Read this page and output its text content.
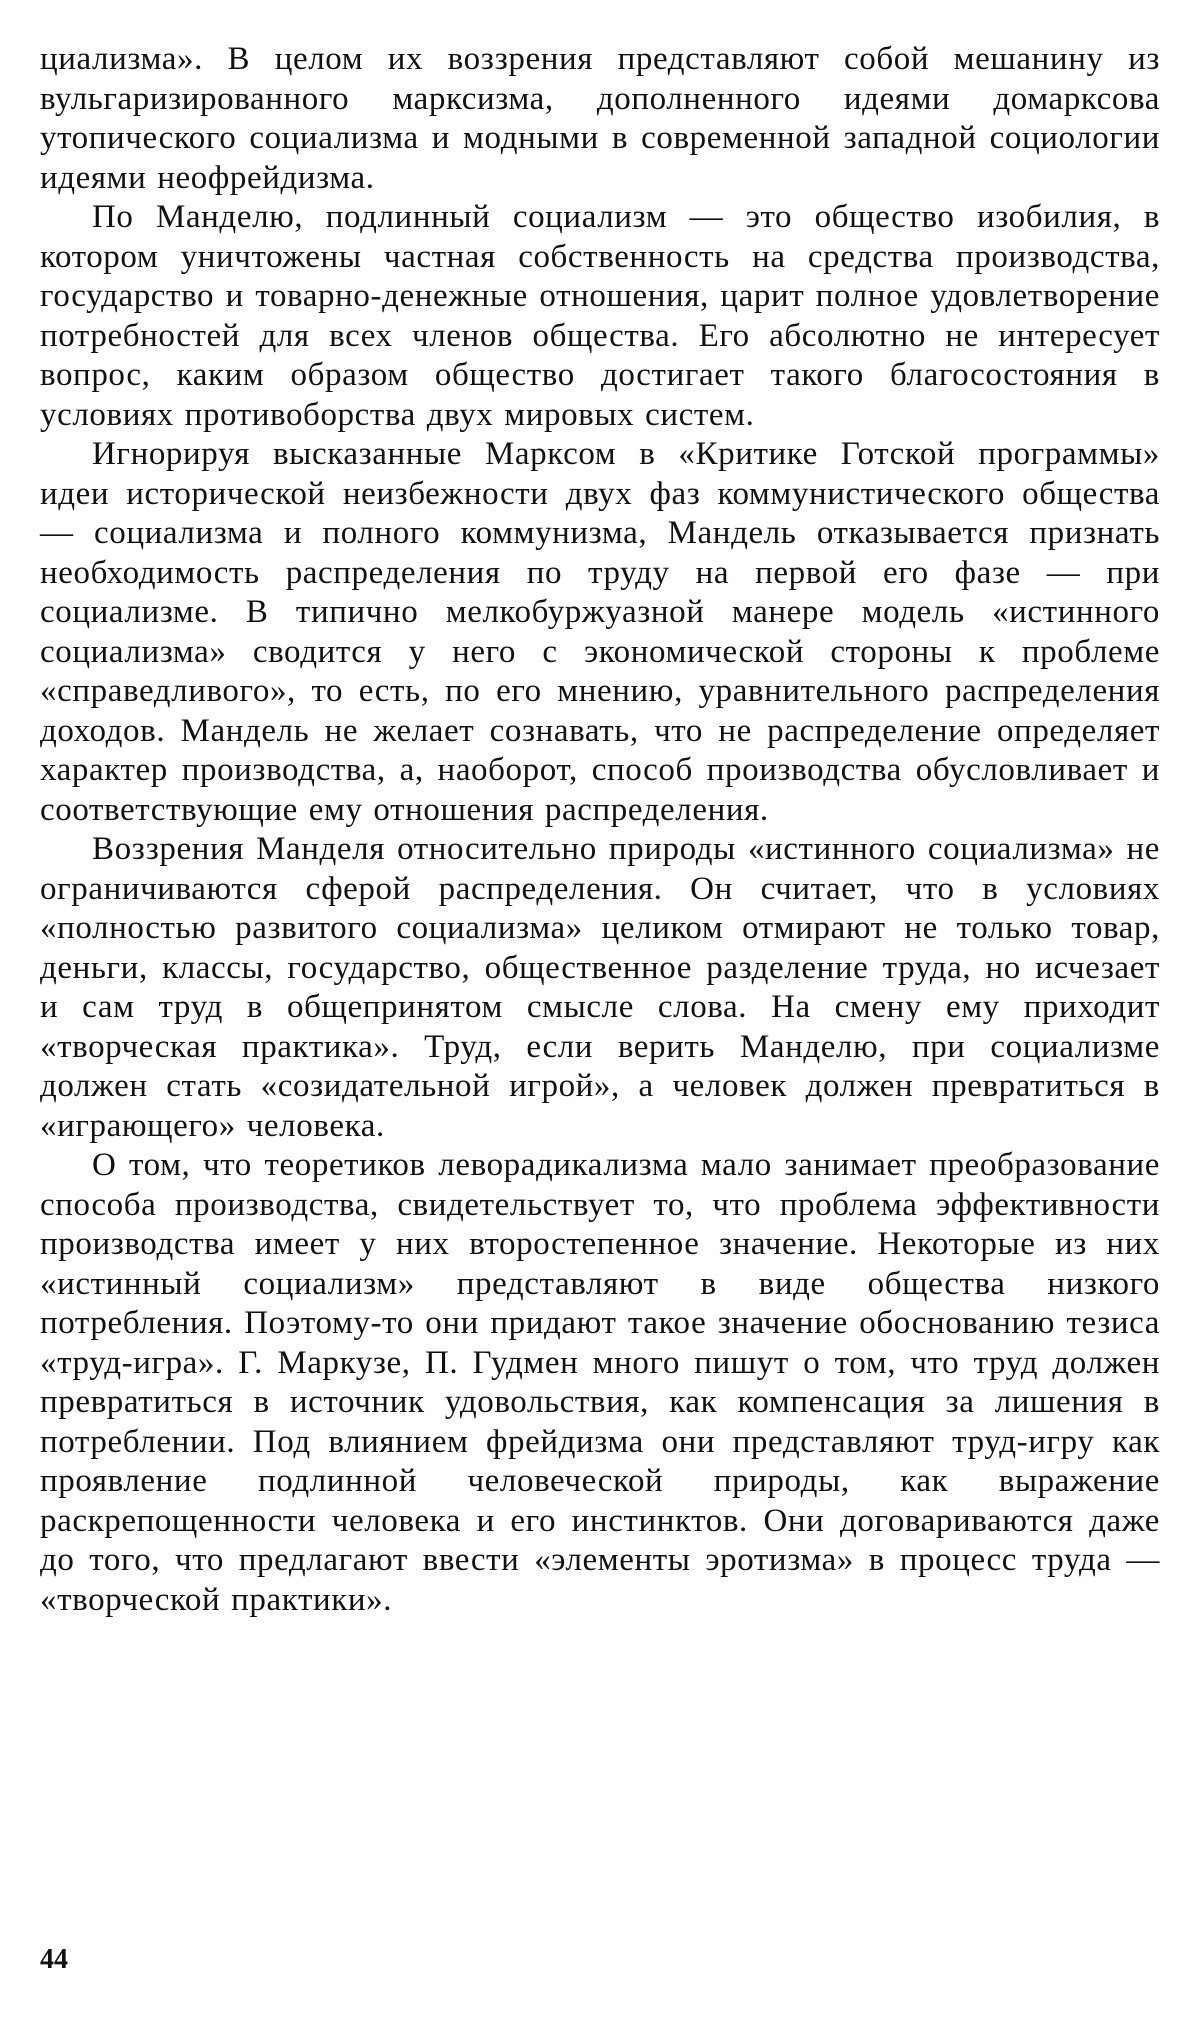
циализма». В целом их воззрения представляют собой мешанину из вульгаризированного марксизма, дополненного идеями домарксова утопического социализма и модными в современной западной социологии идеями неофрейдизма.

По Манделю, подлинный социализм — это общество изобилия, в котором уничтожены частная собственность на средства производства, государство и товарно-денежные отношения, царит полное удовлетворение потребностей для всех членов общества. Его абсолютно не интересует вопрос, каким образом общество достигает такого благосостояния в условиях противоборства двух мировых систем.

Игнорируя высказанные Марксом в «Критике Готской программы» идеи исторической неизбежности двух фаз коммунистического общества — социализма и полного коммунизма, Мандель отказывается признать необходимость распределения по труду на первой его фазе — при социализме. В типично мелкобуржуазной манере модель «истинного социализма» сводится у него с экономической стороны к проблеме «справедливого», то есть, по его мнению, уравнительного распределения доходов. Мандель не желает сознавать, что не распределение определяет характер производства, а, наоборот, способ производства обусловливает и соответствующие ему отношения распределения.

Воззрения Манделя относительно природы «истинного социализма» не ограничиваются сферой распределения. Он считает, что в условиях «полностью развитого социализма» целиком отмирают не только товар, деньги, классы, государство, общественное разделение труда, но исчезает и сам труд в общепринятом смысле слова. На смену ему приходит «творческая практика». Труд, если верить Манделю, при социализме должен стать «созидательной игрой», а человек должен превратиться в «играющего» человека.

О том, что теоретиков леворадикализма мало занимает преобразование способа производства, свидетельствует то, что проблема эффективности производства имеет у них второстепенное значение. Некоторые из них «истинный социализм» представляют в виде общества низкого потребления. Поэтому-то они придают такое значение обоснованию тезиса «труд-игра». Г. Маркузе, П. Гудмен много пишут о том, что труд должен превратиться в источник удовольствия, как компенсация за лишения в потреблении. Под влиянием фрейдизма они представляют труд-игру как проявление подлинной человеческой природы, как выражение раскрепощенности человека и его инстинктов. Они договариваются даже до того, что предлагают ввести «элементы эротизма» в процесс труда — «творческой практики».

44
